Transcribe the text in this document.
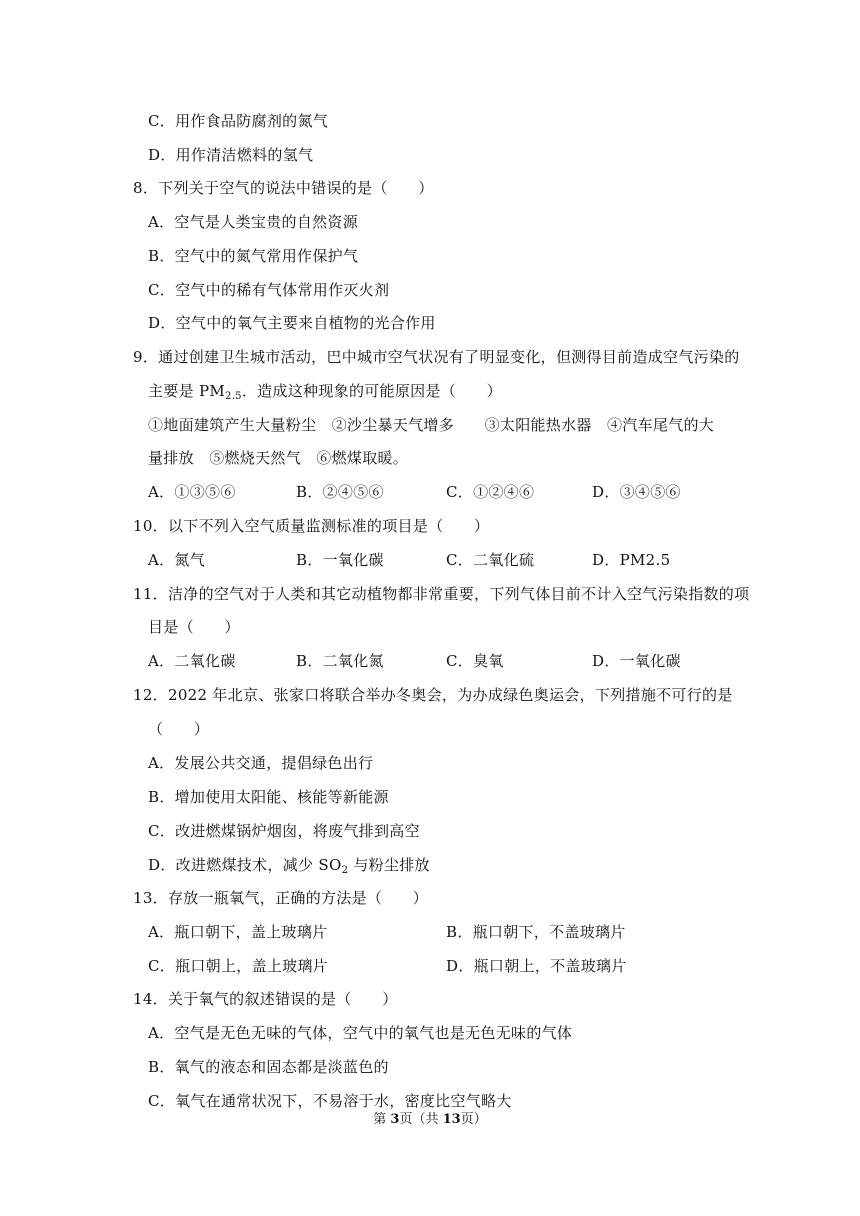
C．用作食品防腐剂的氮气
D．用作清洁燃料的氢气
8．下列关于空气的说法中错误的是（　　）
A．空气是人类宝贵的自然资源
B．空气中的氮气常用作保护气
C．空气中的稀有气体常用作灭火剂
D．空气中的氧气主要来自植物的光合作用
9．通过创建卫生城市活动，巴中城市空气状况有了明显变化，但测得目前造成空气污染的
主要是 $PM_{2.5}$．造成这种现象的可能原因是（　　）
①地面建筑产生大量粉尘　②沙尘暴天气增多　　③太阳能热水器　④汽车尾气的大
量排放　⑤燃烧天然气　⑥燃煤取暖。
A．①③⑤⑥	B．②④⑤⑥	C．①②④⑥	D．③④⑤⑥
10．以下不列入空气质量监测标准的项目是（　　）
A．氮气	B．一氧化碳	C．二氧化硫	D．PM2.5
11．洁净的空气对于人类和其它动植物都非常重要，下列气体目前不计入空气污染指数的项
目是（　　）
A．二氧化碳	B．二氧化氮	C．臭氧	D．一氧化碳
12．2022 年北京、张家口将联合举办冬奥会，为办成绿色奥运会，下列措施不可行的是
（　　）
A．发展公共交通，提倡绿色出行
B．增加使用太阳能、核能等新能源
C．改进燃煤锅炉烟囱，将废气排到高空
D．改进燃煤技术，减少 $SO_2$ 与粉尘排放
13．存放一瓶氧气，正确的方法是（　　）
A．瓶口朝下，盖上玻璃片	B．瓶口朝下，不盖玻璃片
C．瓶口朝上，盖上玻璃片	D．瓶口朝上，不盖玻璃片
14．关于氧气的叙述错误的是（　　）
A．空气是无色无味的气体，空气中的氧气也是无色无味的气体
B．氧气的液态和固态都是淡蓝色的
C．氧气在通常状况下，不易溶于水，密度比空气略大
第 3页（共 13页）
